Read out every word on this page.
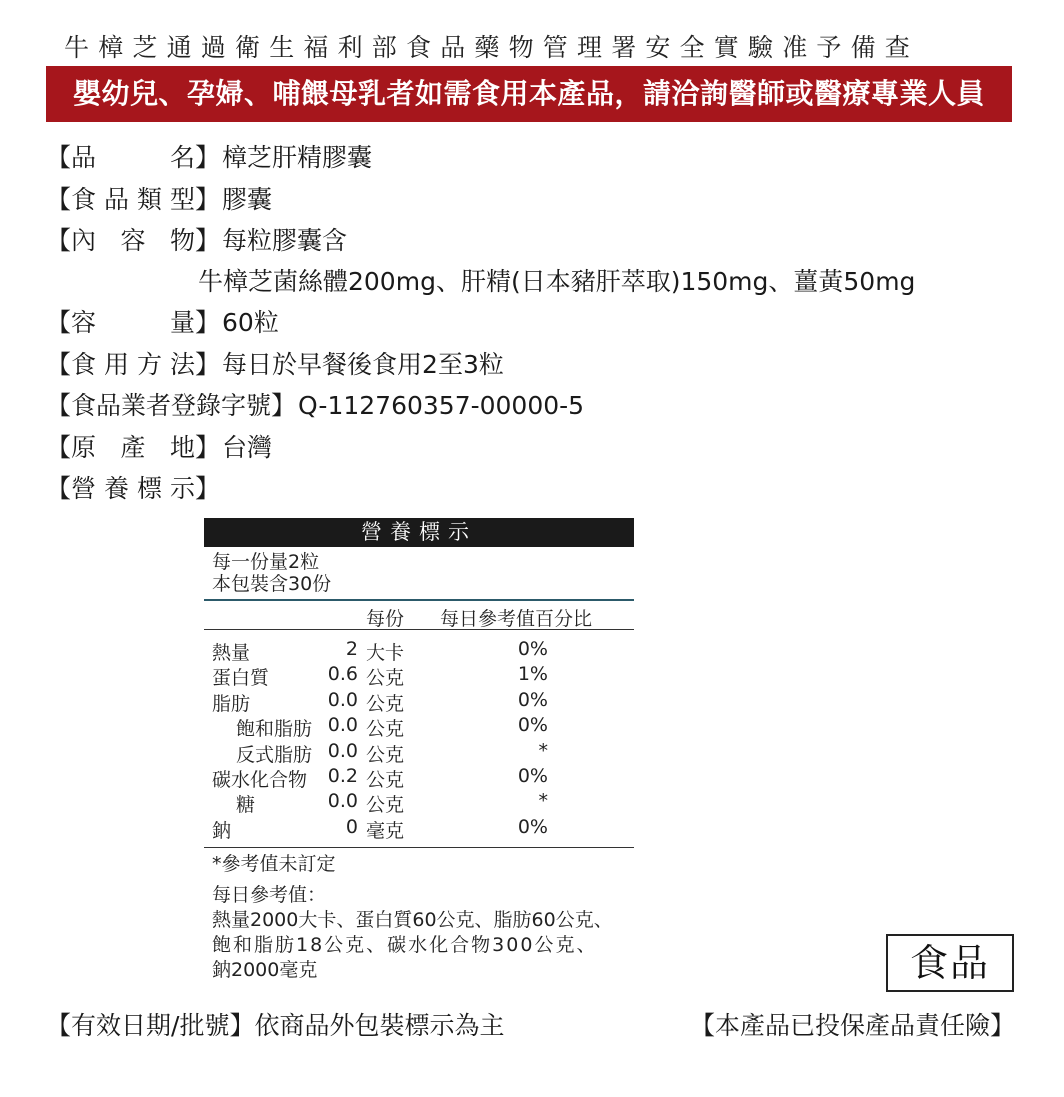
牛樟芝通過衛生福利部食品藥物管理署安全實驗准予備查
嬰幼兒、孕婦、哺餵母乳者如需食用本產品，請洽詢醫師或醫療專業人員
【品名】樟芝肝精膠囊
【食品類型】膠囊
【內容物】每粒膠囊含
牛樟芝菌絲體200mg、肝精(日本豬肝萃取)150mg、薑黃50mg
【容量】60粒
【食用方法】每日於早餐後食用2至3粒
【食品業者登錄字號】Q-112760357-00000-5
【原產地】台灣
【營養標示】
營養標示
每一份量2粒
本包裝含30份
每份 每日參考值百分比
熱量	2 大卡	0%
蛋白質	0.6 公克	1%
脂肪	0.0 公克	0%
飽和脂肪 0.0 公克	0%
反式脂肪 0.0 公克	*
碳水化合物 0.2 公克	0%
糖	0.0 公克	*
鈉	0 毫克	0%
*參考值未訂定
每日參考值：
熱量2000大卡、蛋白質60公克、脂肪60公克、
飽和脂肪18公克、碳水化合物300公克、
鈉2000毫克	食品
【有效日期/批號】依商品外包裝標示為主	【本產品已投保產品責任險】
